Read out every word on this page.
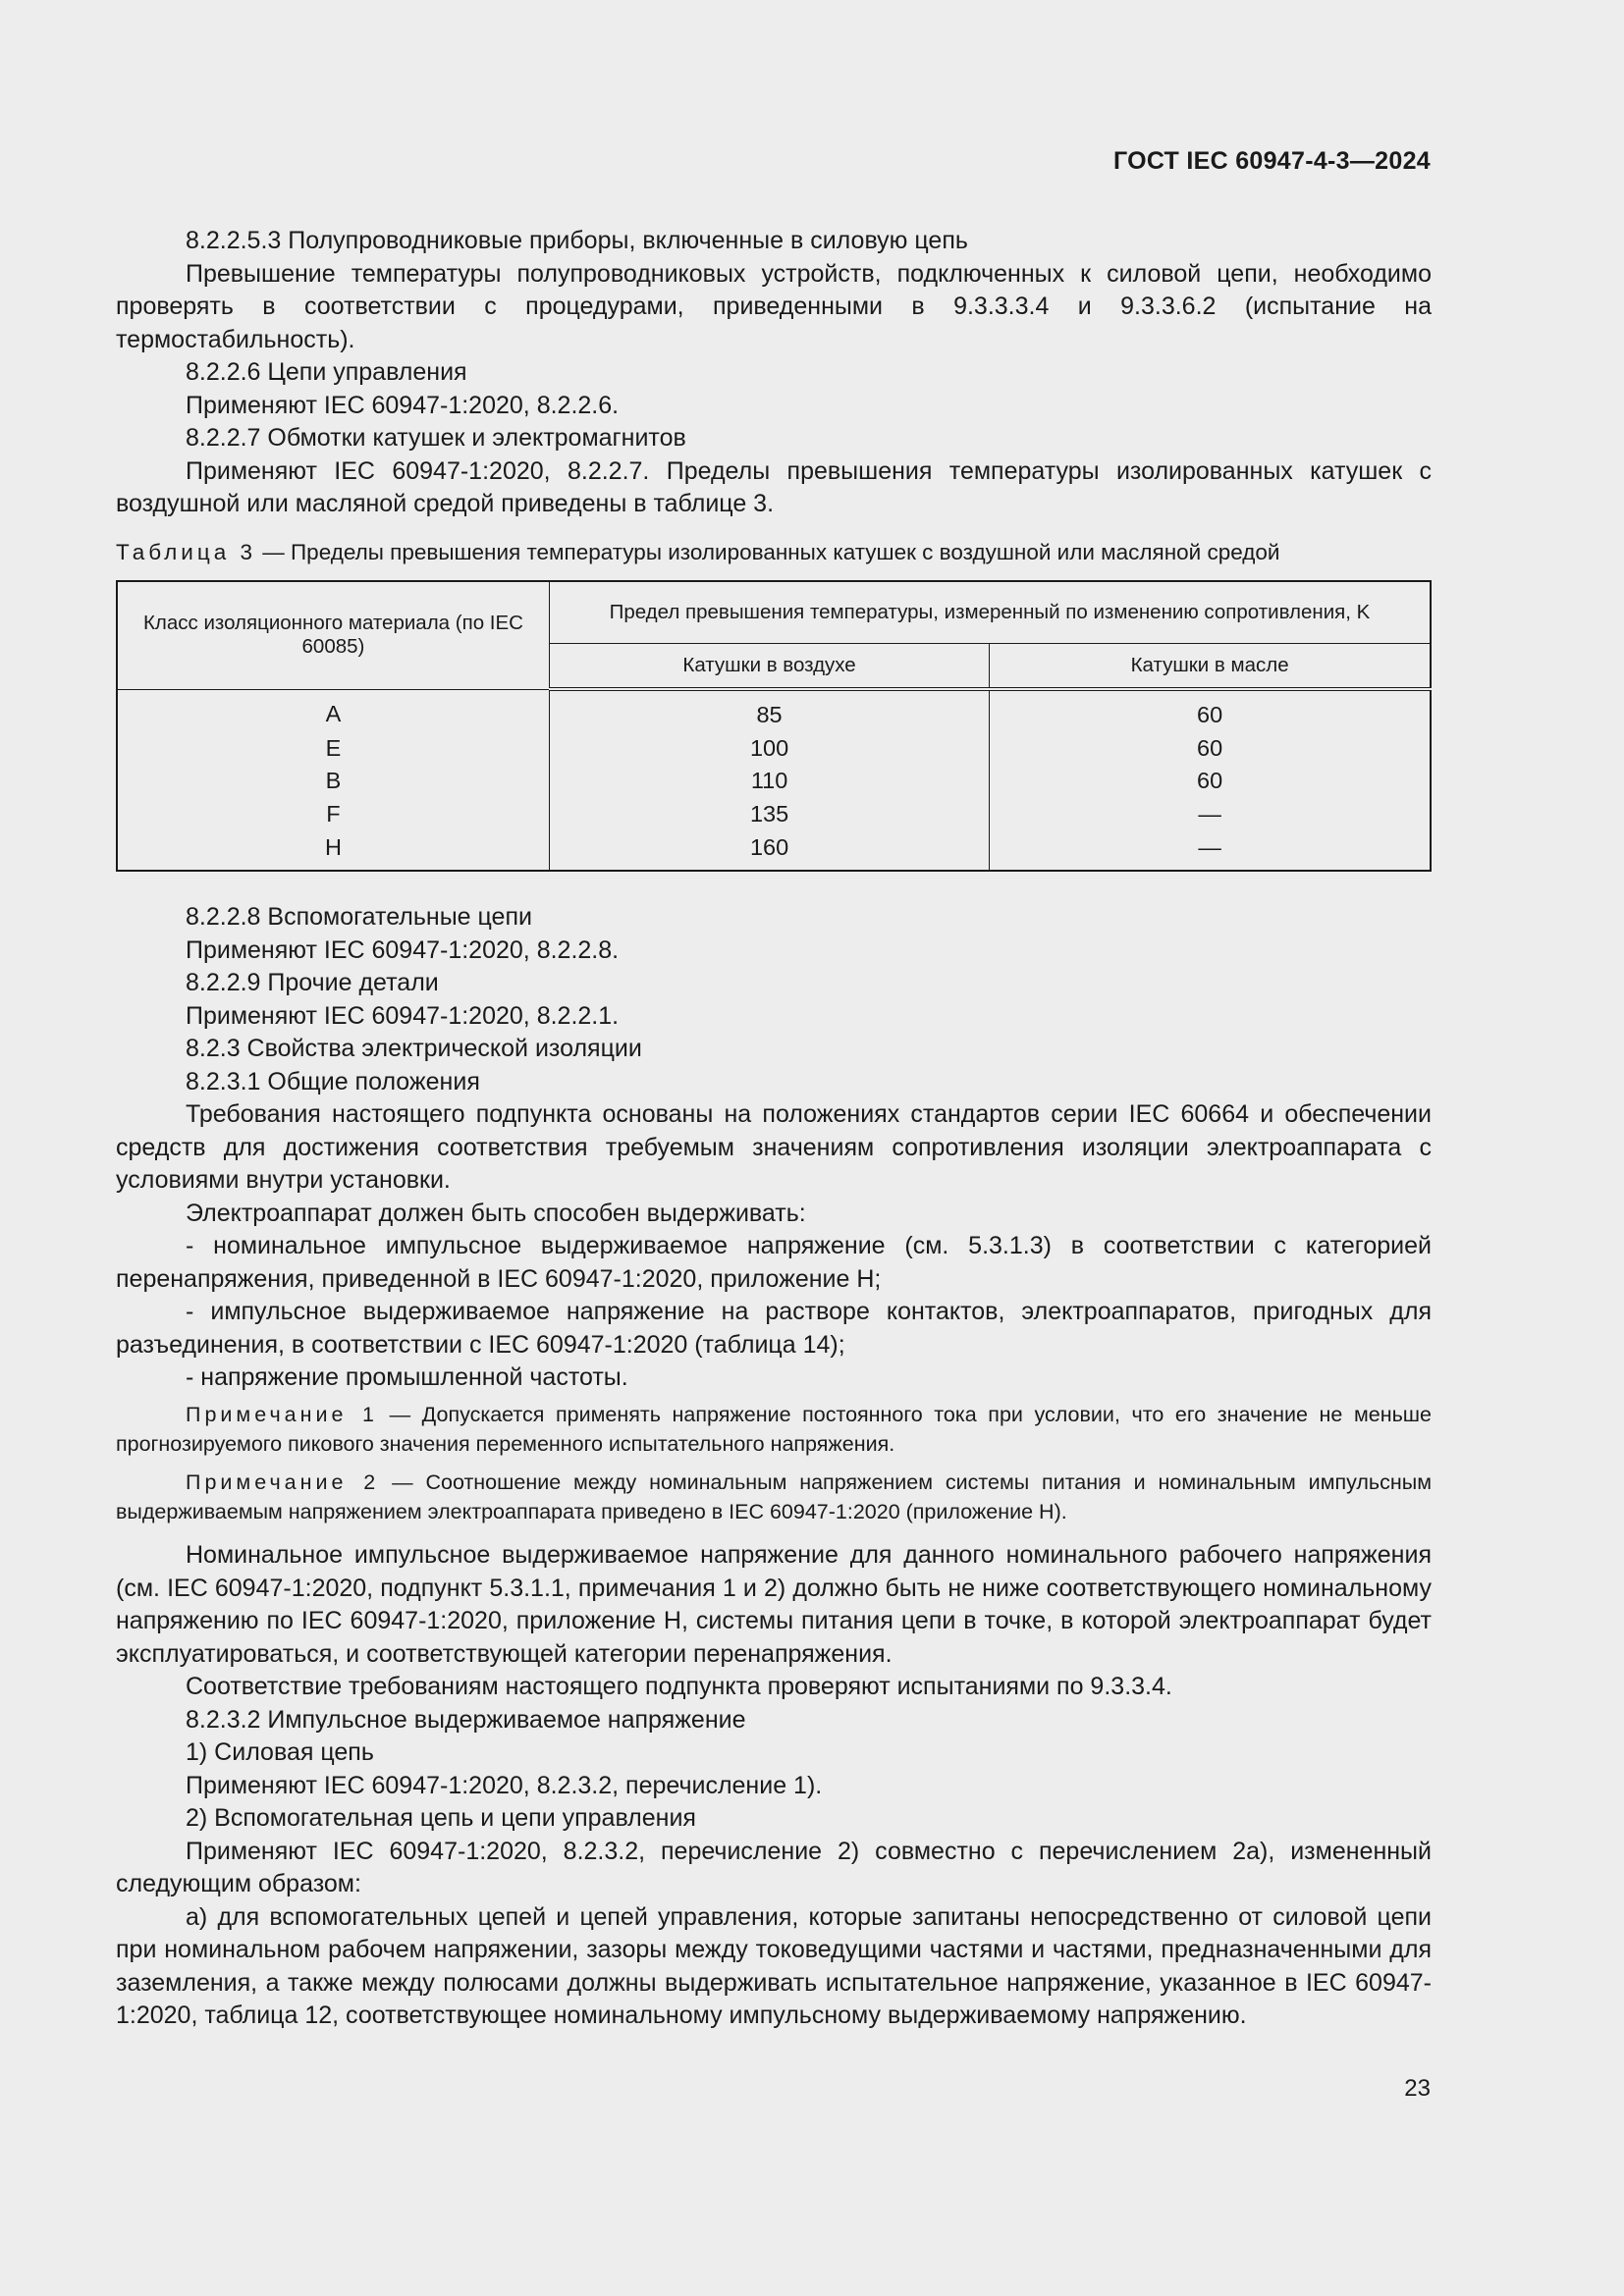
ГОСТ IEC 60947-4-3—2024
8.2.2.5.3 Полупроводниковые приборы, включенные в силовую цепь
Превышение температуры полупроводниковых устройств, подключенных к силовой цепи, необходимо проверять в соответствии с процедурами, приведенными в 9.3.3.3.4 и 9.3.3.6.2 (испытание на термостабильность).
8.2.2.6 Цепи управления
Применяют IEC 60947-1:2020, 8.2.2.6.
8.2.2.7 Обмотки катушек и электромагнитов
Применяют IEC 60947-1:2020, 8.2.2.7. Пределы превышения температуры изолированных катушек с воздушной или масляной средой приведены в таблице 3.
Таблица 3 — Пределы превышения температуры изолированных катушек с воздушной или масляной средой
Класс изоляционного материала (по IEC 60085)	Предел превышения температуры, измеренный по изменению сопротивления, K	
	Катушки в воздухе	Катушки в масле
A	85	60
E	100	60
B	110	60
F	135	—
H	160	—
8.2.2.8 Вспомогательные цепи
Применяют IEC 60947-1:2020, 8.2.2.8.
8.2.2.9 Прочие детали
Применяют IEC 60947-1:2020, 8.2.2.1.
8.2.3 Свойства электрической изоляции
8.2.3.1 Общие положения
Требования настоящего подпункта основаны на положениях стандартов серии IEC 60664 и обеспечении средств для достижения соответствия требуемым значениям сопротивления изоляции электроаппарата с условиями внутри установки.
Электроаппарат должен быть способен выдерживать:
- номинальное импульсное выдерживаемое напряжение (см. 5.3.1.3) в соответствии с категорией перенапряжения, приведенной в IEC 60947-1:2020, приложение H;
- импульсное выдерживаемое напряжение на растворе контактов, электроаппаратов, пригодных для разъединения, в соответствии с IEC 60947-1:2020 (таблица 14);
- напряжение промышленной частоты.
Примечание 1 — Допускается применять напряжение постоянного тока при условии, что его значение не меньше прогнозируемого пикового значения переменного испытательного напряжения.
Примечание 2 — Соотношение между номинальным напряжением системы питания и номинальным импульсным выдерживаемым напряжением электроаппарата приведено в IEC 60947-1:2020 (приложение H).
Номинальное импульсное выдерживаемое напряжение для данного номинального рабочего напряжения (см. IEC 60947-1:2020, подпункт 5.3.1.1, примечания 1 и 2) должно быть не ниже соответствующего номинальному напряжению по IEC 60947-1:2020, приложение H, системы питания цепи в точке, в которой электроаппарат будет эксплуатироваться, и соответствующей категории перенапряжения.
Соответствие требованиям настоящего подпункта проверяют испытаниями по 9.3.3.4.
8.2.3.2 Импульсное выдерживаемое напряжение
1) Силовая цепь
Применяют IEC 60947-1:2020, 8.2.3.2, перечисление 1).
2) Вспомогательная цепь и цепи управления
Применяют IEC 60947-1:2020, 8.2.3.2, перечисление 2) совместно с перечислением 2a), измененный следующим образом:
a) для вспомогательных цепей и цепей управления, которые запитаны непосредственно от силовой цепи при номинальном рабочем напряжении, зазоры между токоведущими частями и частями, предназначенными для заземления, а также между полюсами должны выдерживать испытательное напряжение, указанное в IEC 60947-1:2020, таблица 12, соответствующее номинальному импульсному выдерживаемому напряжению.
23
